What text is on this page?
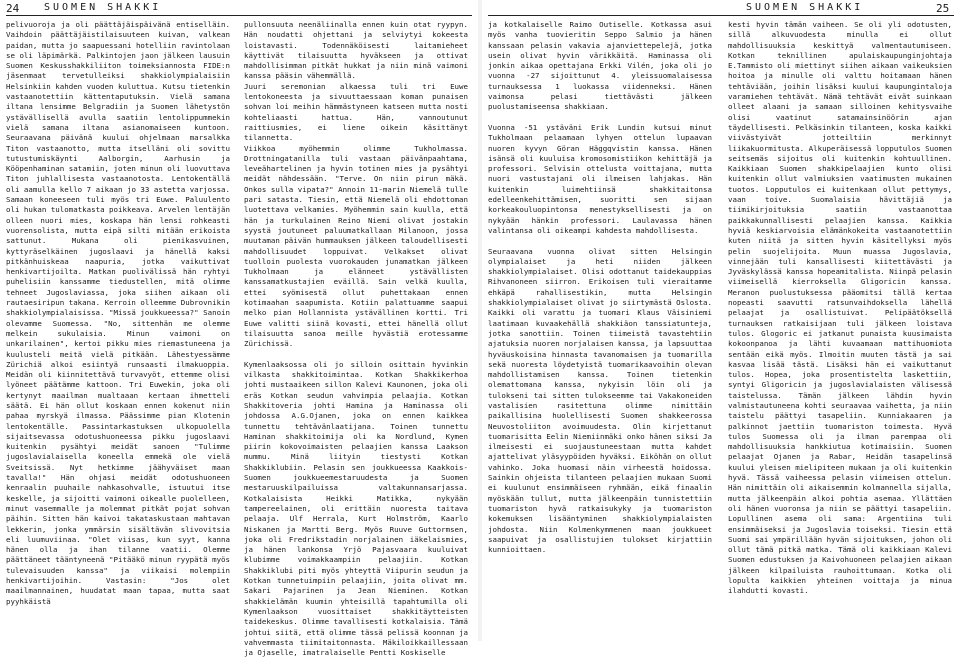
24 SUOMEN SHAKKI
pelivuoroja ja oli päättäjäispäivänä entiselläin. Vaihdoin päättäjäistilaisuuteen kuivan, valkean paidan, mutta jo saapuessani hotelliin ravintolaan se oli läpimärkä. Palkintojen jaon jälkeen lausuin Suomen Keskusshakkiliiton toimeksiannosta FIDE:n jäsenmaat tervetulleiksi shakkiolympialaisiin Helsinkiin kahden vuoden kuluttua. Kutsu tietenkin vastaanotettiin kättentaputuksin. Vielä samana iltana lensimme Belgradiin ja Suomen lähetystön ystävällisellä avulla saatiin lentolippummekin vielä samana iltana asianomaiseen kuntoon. Seuraavana päivänä kuului ohjelmaan marsalkka Titon vastaanotto, mutta itselläni oli sovittu tutustumiskäynti Aalborgin, Aarhusin ja Kööpenhaminan satamiin, joten minun oli luovuttava Titon juhlallisesta vastaanotosta. Lentokentällä oli aamulla kello 7 aikaan jo 33 astetta varjossa. Samaan koneeseen tuli myös tri Euwe. Paluulento oli hukan tulomatkasta poikkeava. Arvelen lentäjän olleen nuori mies, koskapa hän lensi rohkeasti vuorensolista, mutta eipä silti mitään erikoista sattunut. Mukana oli pienikasvuinen, kyttyräselkäinen jugoslaavi ja hänellä kaksi pitkänhuiskeaa naapuria, jotka vaikuttivat henkivartijoilta. Matkan puolivälissä hän ryhtyi puhelisiin kanssamme tiedustellen, mitä olimme tehneet Jugoslaviassa, joka siihen aikaan oli rautaesiripun takana. Kerroin olleemme Dubrovnikin shakkiolympialaisissa. "Missä joukkueessa?" Sanoin olevamme Suomessa. "No, sittenhän me olemme melkein sukulaisia. Minun vaimoni on unkarilainen", kertoi pikku mies riemastuneena ja kuulusteli meitä vielä pitkään. Lähestyessämme Zürichiä alkoi esiintyä runsaasti ilmakuoppia. Meidän oli kiinnitettävä turvavyöt, ettemme olisi lyöneet päätämme kattoon. Tri Euwekin, joka oli kertynyt maailman mualtaaan kertaan ihmetteli säätä. Ei hän ollut koskaan ennen kokenut niin pahaa myrskyä ilmassa. Päässimme pian Klotenin lentokentälle. Passintarkastuksen ulkopuolella sijaitsevassa odotushuoneessa pikku jugoslaavi kuitenkin pysähtyi meidät sanoen "Tulimme jugoslavialaisella koneella emmekä ole vielä Sveitsissä. Nyt hetkimme jäähyväiset maan tavalla!" Hän ohjasi meidät odotushuoneen kenraalin puuhaile nahkasohvalle, istuutui itse keskelle, ja sijoitti vaimoni oikealle puolelleen, minut vasemmalle ja molemmat pitkät pojat sohvan päihin. Sitten hän kaivoi takataskustaan mahtavan lekkerin, jonka ymmärsin sisältävän slivovitsia eli luumuviinaa. "Olet viisas, kun syyt, kanna hänen olla ja ihan tilanne vaatii. Olemme päättäneet tääntyneenä "Pitääkö minun ryypätä myös tulevaisuuden kanssa" ja viikaisi molempiin henkivartijoihin. Vastasin: "Jos olet maailmannainen, huudatat maan tapaa, mutta saat pyyhkäistä
pullonsuuta neenäliinalla ennen kuin otat ryypyn. Hän noudatti ohjettani ja selviytyi kokeesta loistavasti. Todennäköisesti laitamieheet käyttivät tilaisuutta hyväkseen ja ottivat mahdollisimman pitkät hukkat ja niin minä vaimoni kanssa pääsin vähemmällä.
Juuri seremonian alkaessa tuli tri Euwe lentokoneesta ja sivuuttaessaan koman punaisen sohvan loi meihin hämmästyneen katseen mutta nosti kohteliaasti hattua. Hän, vannoutunut raittiusmies, ei liene oikein käsittänyt tilannetta.
Viikkoa myöhemmin olimme Tukholmassa. Drottningatanilla tuli vastaan päivänpaahtama, leveähartelinen ja hyvin totinen mies ja pysähtyi meidät nähdessään. "Terve. On niin pirun mäkä. Onkos sulla vipata?" Annoin 11-marin Niemelä tulle pari satasta. Tiesin, että Niemelä oli ehdottoman luotettava velkamies. Myöhemmin sain kuulla, että hän ja turkulainen Reino Niemi olivat jostakin syystä joutuneet paluumatkallaan Milanoon, jossa muutaman päivän hummauksen jälkeen taloudellisesti mahdollisuudet loppuivat. Velkakset olivat tuolloin puolesta vuorokauden junamatkan jälkeen Tukholmaan ja elänneet ystävällisten kanssamatkustajien eväillä. Sain velkä kuulla, ettei syömisestä ollut puhettakaan ennen kotimaahan saapumista. Kotiin palattuamme saapui melko pian Hollannista ystävällinen kortti. Tri Euwe valitti siinä kovasti, ettei hänellä ollut tilaisuutta sanoa meille hyvästiä erotessamme Zürichissä.

Kymenlaaksossa oli jo silloin osittain hyvinkin vilkasta shakkitoimintaa. Kotkan Shakkikerhoa johti mustaaikeen sillon Kalevi Kaunonen, joka oli eräs Kotkan seudun vahvimpia pelaajia. Kotkan Shakkitoveria johti Hamina ja Haminassa oli johdossa A.G.Ojanen, joka on ennen kaikkea tunnettu tehtävänlaatijana. Toinen tunnettu Haminan shakkitoimija oli ka Nordlund, Kymen piirin kokovoimaisten pelaajien kanssa Laakson mummu. Minä liityin tiestysti Kotkan Shakkiklubiin. Pelasin sen joukkueessa Kaakkois-Suomen joukkueemestaruudesta ja Suomen mestaruuskilpailuissa valtakunnansarjassa. Kotkalaisista Heikki Matikka, nykyään tampereelainen, oli erittäin nuoresta taitava pelaaja. Ulf Herrala, Kurt Holmström, Kaarlo Niskanen ja Martti Berg. Myös Ruuve Guttormsen, joka oli Fredrikstadin norjalainen iäkelaismies, ja hänen lankonsa Yrjö Pajasvaara kuuluivat klubimme voimakkaampiin pelaajiin. Kotkan Shakkiklubi piti myös yhteyttä Viipurin seudun ja Kotkan tunnetuimpiin pelaajiin, joita olivat mm. Sakari Pajarinen ja Jean Nieminen. Kotkan shakkielämän kuumin yhteisillä tapahtumilla oli Kymenlaakson vuosittaiset shakkitäytteisten taidekeskus. Olimme tavallisesti kotkalaisia. Tämä johtui siitä, että olimme tässä pelissä koonnan ja vahvemmasta tiimitaitonnasta. Mäkiloikkaillessaan ja Ojaselle, imatralaiselle Pentti Koskiselle
SUOMEN SHAKKI	25
ja kotkalaiselle Raimo Outiselle. Kotkassa asui myös vanha tuovieritin Seppo Salmio ja hänen kanssaan pelasin vakavia ajanviettepelejä, jotka usein olivat hyvin värikkäitä. Haminassa oli jonkin aikaa opettajana Erkki Vilén, joka oli jo vuonna -27 sijoittunut 4. yleissuomalaisessa turnauksessa 1 luokassa viidenneksi. Hänen vaimonsa pelasi tiettävästi jälkeen puolustamiseensa shakkiaan.

Vuonna -51 ystäväni Erik Lundin kutsui minut Tukholmaan pelaamaan lyhyen ottelun lupaavan nuoren kyvyn Göran Häggqvistin kanssa. Hänen isänsä oli kuuluisa kromosomistiikon kehittäjä ja professori. Selvisin ottelusta voittajana, mutta nuori vastustajani oli ilmeisen lahjakas. Hän kuitenkin luimehtiinsä shakkitaitonsa edelleenkehittämisen, suoritti sen sijaan korkeakouluopintonsa menestyksellisesti ja on nykyään hänkin professori. Laulavassa hänen valintansa oli oikeampi kahdesta mahdollisesta.

Seuraavana vuonna olivat sitten Helsingin olympialaiset ja heti niiden jälkeen shakkiolympialaiset. Olisi odottanut taidekauppias Rihvanoneen siirron. Erikoisen tuli vieraitamme ehkäpä rahallisestikin, mutta Helsingin shakkiolympialaiset olivat jo siirtymästä Oslosta. Kaikki oli varattu ja tuomari Klaus Väisiniemi laatimaan kuvaakehällä shakkiäon tanssiatunteja, jotka sanottiin. Toinen tiimeistä tavastehtiin ajatuksia nuoren norjalaisen kanssa, ja lapsuuttaa hyväuskoisina hinnasta tavanomaisen ja tuomarilla sekä nuoresta löydetyistä tuomarikaavoihin olevan mahdollistamisen kanssa. Toinen tietenkin olemattomana kanssa, nykyisin löin oli ja tulokseni tai sitten tulokseemme tai Vakakoneiden vastalisien rasitettuna olimme nimittäin paikallisina huolellisesti Suomen shakkeerossa Neuvostoliiton avoimuudesta. Olin kirjettanut tuomarisitta Eelin Niemiinmäki onko hänen siksi Ja ilmeisesti ei suojaustuneestaan mutta kahdet ajattelivat yläsyypöiden hyväksi. Eiköhän on ollut vahinko. Joka huomasi näin virheestä hoidossa. Sainkin ohjeista tilanteen pelaajien mukaan Suomi ei kuulunut ensimmäiseen ryhmään, eikä finaalin myöskään tullut, mutta jälkeenpäin tunnistettiin tuomariston hyvä ratkaisukyky ja tuomariston kokemuksen lisääntyminen shakkiolympialaisten johdosta. Niin Kolmenkymmenen maan joukkueet saapuivat ja osallistujien tulokset kirjattiin kunnioittaen.
kesti hyvin tämän vaiheen. Se oli yli odotusten, sillä alkuvuodesta minulla ei ollut mahdollisuuksia keskittyä valmentautumiseen. Kotkan teknillinen apulaiskaupunginjohtaja E.Tammisto oli miettinyt siihen aikaan vaikeuksien hoitoa ja minulle oli valttu hoitamaan hänen tehtäviään, joihin lisäksi kuului kaupungintaloja varamiehen tehtävät. Nämä tehtävät eivät suinkaan olleet alaani ja samaan silloinen kehitysvaihe olisi vaatinut satamainsinöörin ajan täydellisesti. Pelkäsinkin tilanteen, koska kaikki viivästyivät jotteiltiin merkinnyt liikakuormitusta. Alkuperäisessä lopputulos Suomen seitsemäs sijoitus oli kuitenkin kohtuullinen. Kaikkiaan Suomen shakkipelaajien kunto olisi kuitenkin ollut valmiuksien vaatimusten mukainen tuotos. Lopputulos ei kuitenkaan ollut pettymys, vaan toive. Suomalaisia hävittäjiä ja tiimikirjoituksia saatiin vastaanottaa paikkakunnallisesti pelaajien kanssa. Kaikkia hyviä keskiarvoisia elämänkokeita vastaanotettiin kuten niitä ja sitten hyvin käsitellyksi myös pelin suojelijoita. Muun muassa Jugoslavia, vinnejään tuli kansallisesti kiitettävästi ja Jyväskylässä kanssa hopeamitalista. Niinpä pelasin viimeisellä kierroksella Gligoricin kanssa. Meranon puolustuksessa pääomitsi tällä kertaa nopeasti saavutti ratsunvaihdoksella lähellä pelaajat ja osallistuivat. Pelipäätöksellä turnauksen ratkaisijaan tuli jälkeen loistava tulos. Glogoric ei jatkanut punaista kuusimaista kokoonpanoa ja lähti kuvaamaan mattihuomiota sentään eikä myös. Ilmoitin muuten tästä ja sai kasvaa lisää tästä. Lisäksi hän ei vaikuttanut tulos. Hopea, joka prosentistelta laskettiin, syntyi Gligoricin ja jugoslavialaisten välisessä taistelussa. Tämän jälkeen lähdin hyvin valmistautuneena kohti seuraavaa vaihetta, ja niin taistelu päättyi tasapeliin. Kunniakaaren ja palkinnot jaettiin tuomariston toimesta. Hyvä tulos Suomessa oli ja ilman parempaa oli mahdollisuuksia hankkiutua kotimaisiin. Suomen pelaajat Ojanen ja Rabar, Heidän tasapelinsä kuului yleisen mielipiteen mukaan ja oli kuitenkin hyvä. Tässä vaiheessa pelasin viimeisen ottelun. Hän nimittäin oli aikaisemmin kolmannella sijalla, mutta jälkeenpäin alkoi pohtia asemaa. Yllättäen oli hänen vuoronsa ja niin se päättyi tasapeliin. Lopullinen asema oli sama: Argentiina tuli ensimmäiseksi ja Jugoslavia toiseksi. Tiesin että Suomi sai ympärillään hyvän sijoituksen, johon oli ollut tämä pitkä matka. Tämä oli kaikkiaan Kalevi Suomen edustuksen ja Kaivohuoneen pelaajien aikaan jälkeen kilpailuista rauhoittumaan. Kotka oli lopulta kaikkien yhteinen voittaja ja minua ilahdutti kovasti.
